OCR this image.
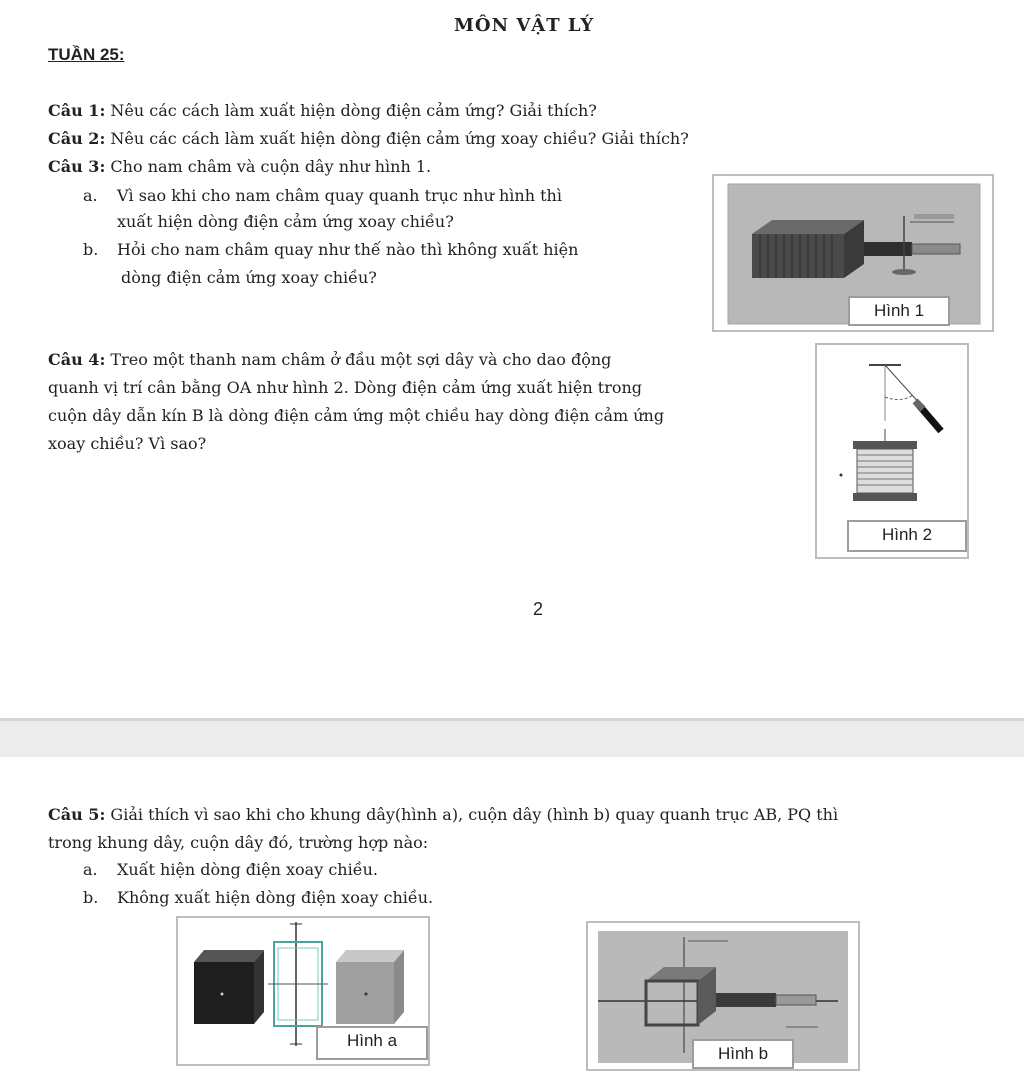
MÔN VẬT LÝ
TUẦN 25:
Câu 1: Nêu các cách làm xuất hiện dòng điện cảm ứng? Giải thích?
Câu 2: Nêu các cách làm xuất hiện dòng điện cảm ứng xoay chiều? Giải thích?
Câu 3: Cho nam châm và cuộn dây như hình 1.
a. Vì sao khi cho nam châm quay quanh trục như hình thì
xuất hiện dòng điện cảm ứng xoay chiều?
b. Hỏi cho nam châm quay như thế nào thì không xuất hiện
dòng điện cảm ứng xoay chiều?
Câu 4: Treo một thanh nam châm ở đầu một sợi dây và cho dao động
quanh vị trí cân bằng OA như hình 2. Dòng điện cảm ứng xuất hiện trong
cuộn dây dẫn kín B là dòng điện cảm ứng một chiều hay dòng điện cảm ứng
xoay chiều? Vì sao?
Hình 1
Hình 2
2
Câu 5: Giải thích vì sao khi cho khung dây(hình a), cuộn dây (hình b) quay quanh trục AB, PQ thì
trong khung dây, cuộn dây đó, trường hợp nào:
a. Xuất hiện dòng điện xoay chiều.
b. Không xuất hiện dòng điện xoay chiều.
Hình a
Hình b
